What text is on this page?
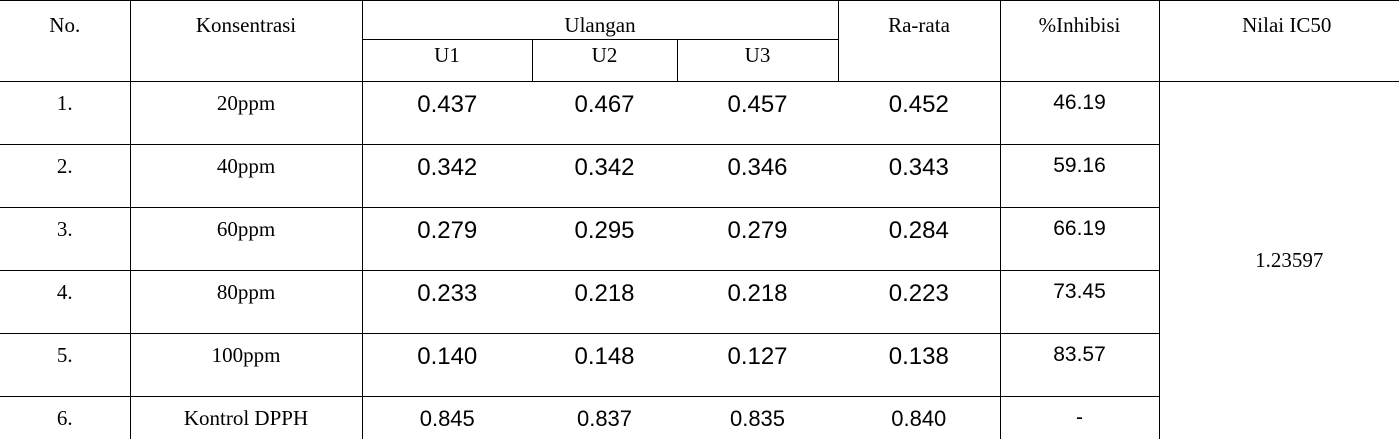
No.	Konsentrasi	Ulangan			Ra-rata	%Inhibisi	Nilai IC50
		U1	U2	U3			
1.	20ppm	0.437	0.467	0.457	0.452	46.19	1.23597
2.	40ppm	0.342	0.342	0.346	0.343	59.16	
3.	60ppm	0.279	0.295	0.279	0.284	66.19	
4.	80ppm	0.233	0.218	0.218	0.223	73.45	
5.	100ppm	0.140	0.148	0.127	0.138	83.57	
6.	Kontrol DPPH	0.845	0.837	0.835	0.840	-	
